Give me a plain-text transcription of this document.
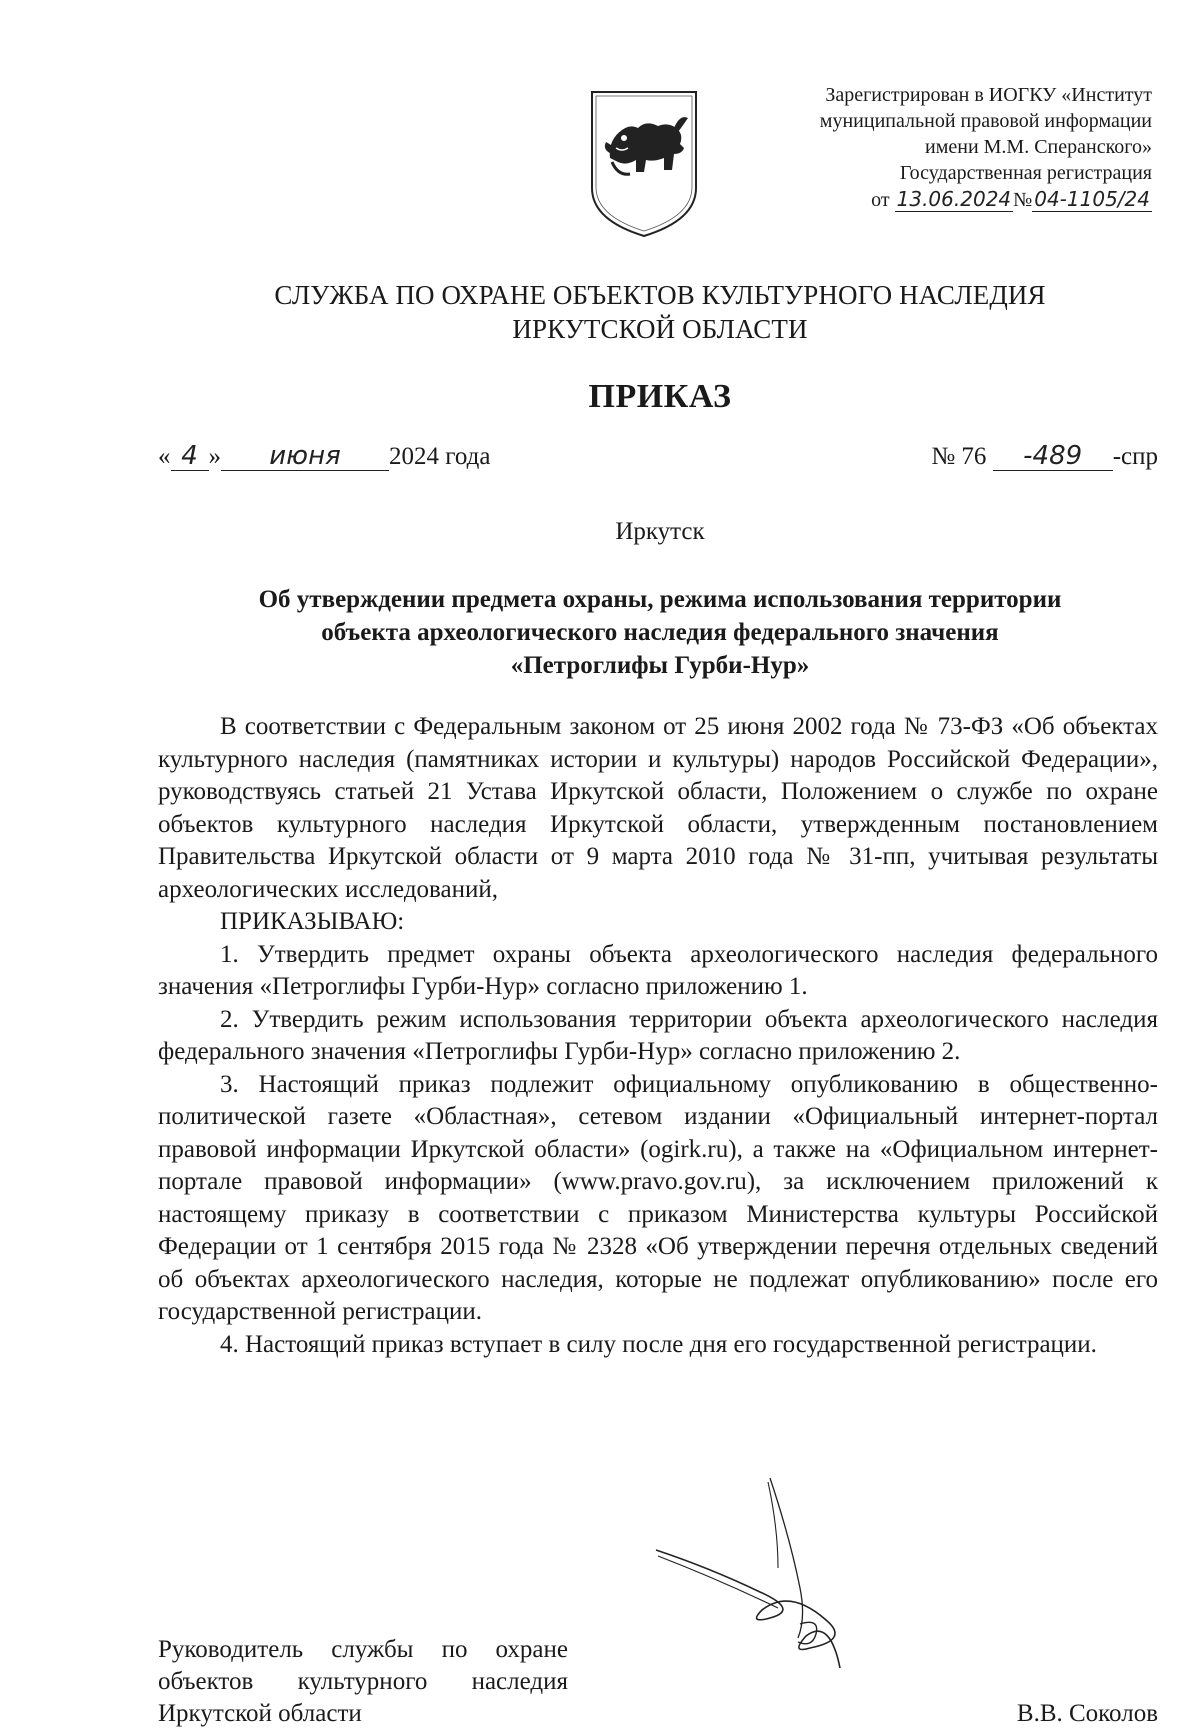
Зарегистрирован в ИОГКУ «Институт
муниципальной правовой информации
имени М.М. Сперанского»
Государственная регистрация
от 13.06.2024 № 04-1105/24
СЛУЖБА ПО ОХРАНЕ ОБЪЕКТОВ КУЛЬТУРНОГО НАСЛЕДИЯ
ИРКУТСКОЙ ОБЛАСТИ
ПРИКАЗ
« 4 » июня 2024 года	№ 76 -489 -спр
Иркутск
Об утверждении предмета охраны, режима использования территории
объекта археологического наследия федерального значения
«Петроглифы Гурби-Нур»

В соответствии с Федеральным законом от 25 июня 2002 года № 73-ФЗ «Об объектах культурного наследия (памятниках истории и культуры) народов Российской Федерации», руководствуясь статьей 21 Устава Иркутской области, Положением о службе по охране объектов культурного наследия Иркутской области, утвержденным постановлением Правительства Иркутской области от 9 марта 2010 года № 31-пп, учитывая результаты археологических исследований,

ПРИКАЗЫВАЮ:

1. Утвердить предмет охраны объекта археологического наследия федерального значения «Петроглифы Гурби-Нур» согласно приложению 1.

2. Утвердить режим использования территории объекта археологического наследия федерального значения «Петроглифы Гурби-Нур» согласно приложению 2.

3. Настоящий приказ подлежит официальному опубликованию в общественно-политической газете «Областная», сетевом издании «Официальный интернет-портал правовой информации Иркутской области» (ogirk.ru), а также на «Официальном интернет-портале правовой информации» (www.pravo.gov.ru), за исключением приложений к настоящему приказу в соответствии с приказом Министерства культуры Российской Федерации от 1 сентября 2015 года № 2328 «Об утверждении перечня отдельных сведений об объектах археологического наследия, которые не подлежат опубликованию» после его государственной регистрации.

4. Настоящий приказ вступает в силу после дня его государственной регистрации.

Руководитель службы по охране объектов культурного наследия Иркутской области	В.В. Соколов
